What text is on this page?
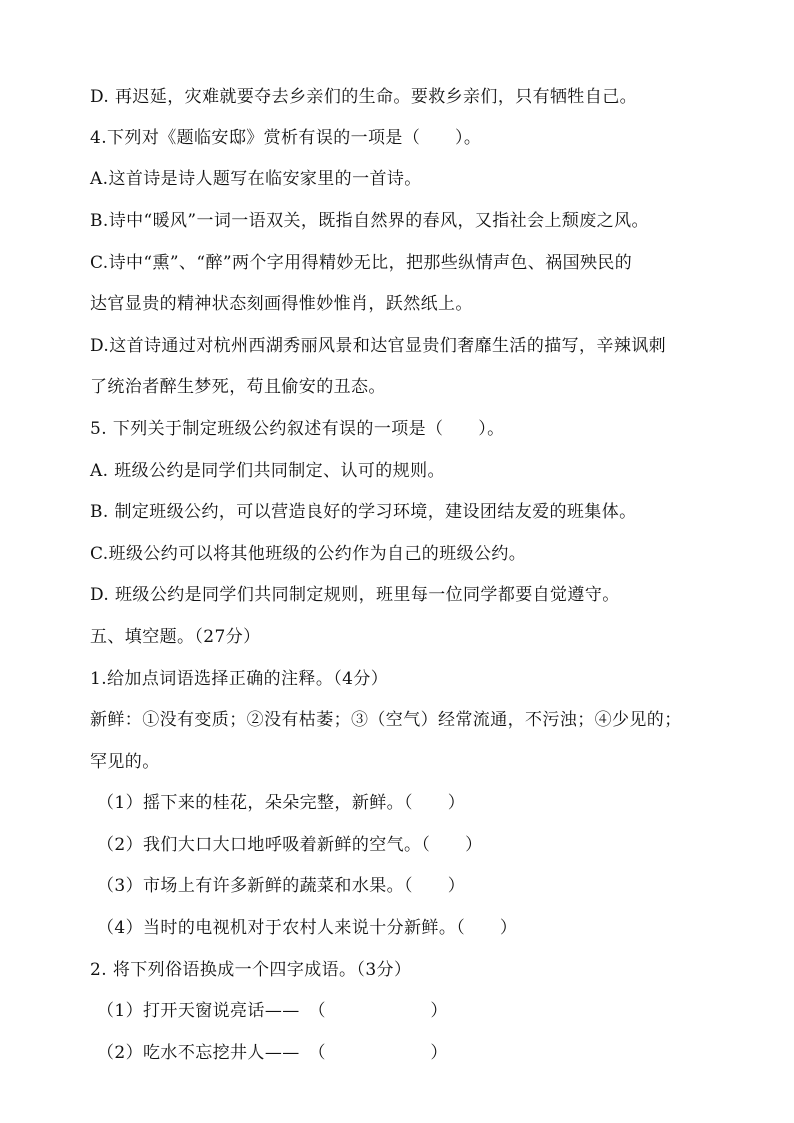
D. 再迟延，灾难就要夺去乡亲们的生命。要救乡亲们，只有牺牲自己。
4.下列对《题临安邸》赏析有误的一项是（　　）。
A.这首诗是诗人题写在临安家里的一首诗。
B.诗中“暖风”一词一语双关，既指自然界的春风，又指社会上颓废之风。
C.诗中“熏”、“醉”两个字用得精妙无比，把那些纵情声色、祸国殃民的
达官显贵的精神状态刻画得惟妙惟肖，跃然纸上。
D.这首诗通过对杭州西湖秀丽风景和达官显贵们奢靡生活的描写，辛辣讽刺
了统治者醉生梦死，苟且偷安的丑态。
5. 下列关于制定班级公约叙述有误的一项是（　　）。
A. 班级公约是同学们共同制定、认可的规则。
B. 制定班级公约，可以营造良好的学习环境，建设团结友爱的班集体。
C.班级公约可以将其他班级的公约作为自己的班级公约。
D. 班级公约是同学们共同制定规则，班里每一位同学都要自觉遵守。
五、填空题。（27分）
1.给加点词语选择正确的注释。（4分）
新鲜：①没有变质；②没有枯萎；③（空气）经常流通，不污浊；④少见的；
罕见的。
（1）摇下来的桂花，朵朵完整，新鲜。（　　）
（2）我们大口大口地呼吸着新鲜的空气。（　　）
（3）市场上有许多新鲜的蔬菜和水果。（　　）
（4）当时的电视机对于农村人来说十分新鲜。（　　）
2. 将下列俗语换成一个四字成语。（3分）
（1）打开天窗说亮话——　（　　　　　　）
（2）吃水不忘挖井人——　（　　　　　　）
